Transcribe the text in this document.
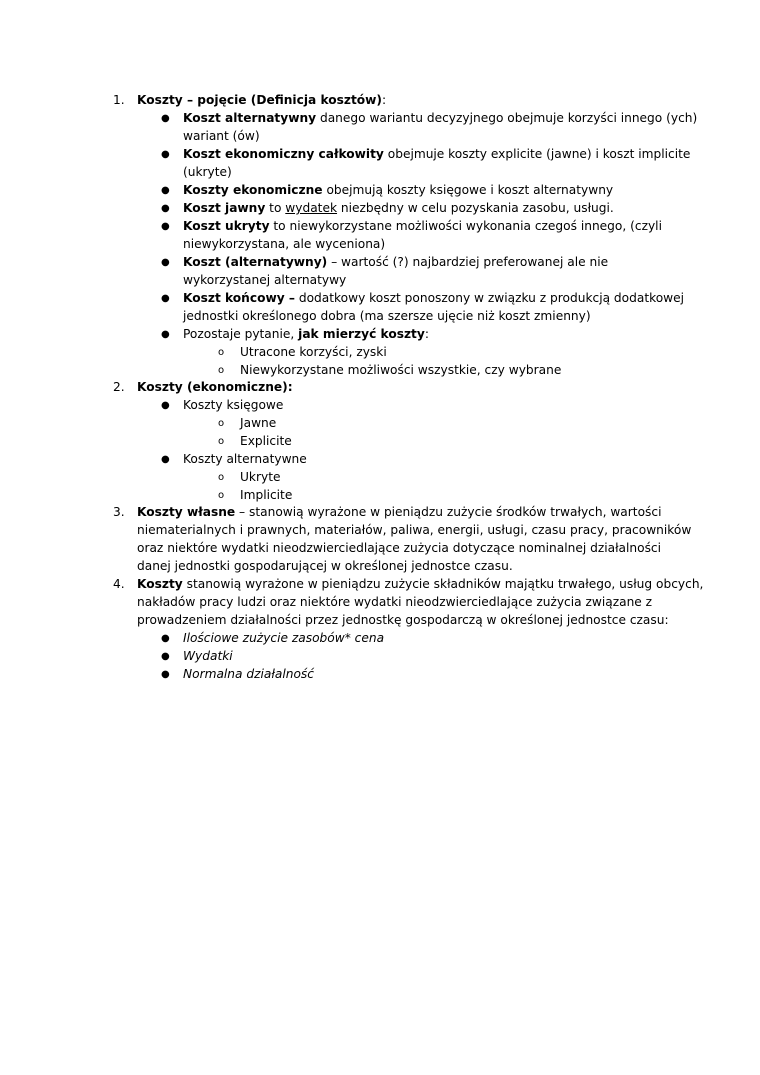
1. Koszty – pojęcie (Definicja kosztów):
● Koszt alternatywny danego wariantu decyzyjnego obejmuje korzyści innego (ych)
wariant (ów)
● Koszt ekonomiczny całkowity obejmuje koszty explicite (jawne) i koszt implicite
(ukryte)
● Koszty ekonomiczne obejmują koszty księgowe i koszt alternatywny
● Koszt jawny to wydatek niezbędny w celu pozyskania zasobu, usługi.
● Koszt ukryty to niewykorzystane możliwości wykonania czegoś innego, (czyli
niewykorzystana, ale wyceniona)
● Koszt (alternatywny) – wartość (?) najbardziej preferowanej ale nie
wykorzystanej alternatywy
● Koszt końcowy – dodatkowy koszt ponoszony w związku z produkcją dodatkowej
jednostki określonego dobra (ma szersze ujęcie niż koszt zmienny)
● Pozostaje pytanie, jak mierzyć koszty:
o Utracone korzyści, zyski
o Niewykorzystane możliwości wszystkie, czy wybrane
2. Koszty (ekonomiczne):
● Koszty księgowe
o Jawne
o Explicite
● Koszty alternatywne
o Ukryte
o Implicite
3. Koszty własne – stanowią wyrażone w pieniądzu zużycie środków trwałych, wartości
niematerialnych i prawnych, materiałów, paliwa, energii, usługi, czasu pracy, pracowników
oraz niektóre wydatki nieodzwierciedlające zużycia dotyczące nominalnej działalności
danej jednostki gospodarującej w określonej jednostce czasu.
4. Koszty stanowią wyrażone w pieniądzu zużycie składników majątku trwałego, usług obcych,
nakładów pracy ludzi oraz niektóre wydatki nieodzwierciedlające zużycia związane z
prowadzeniem działalności przez jednostkę gospodarczą w określonej jednostce czasu:
● Ilościowe zużycie zasobów* cena
● Wydatki
● Normalna działalność
